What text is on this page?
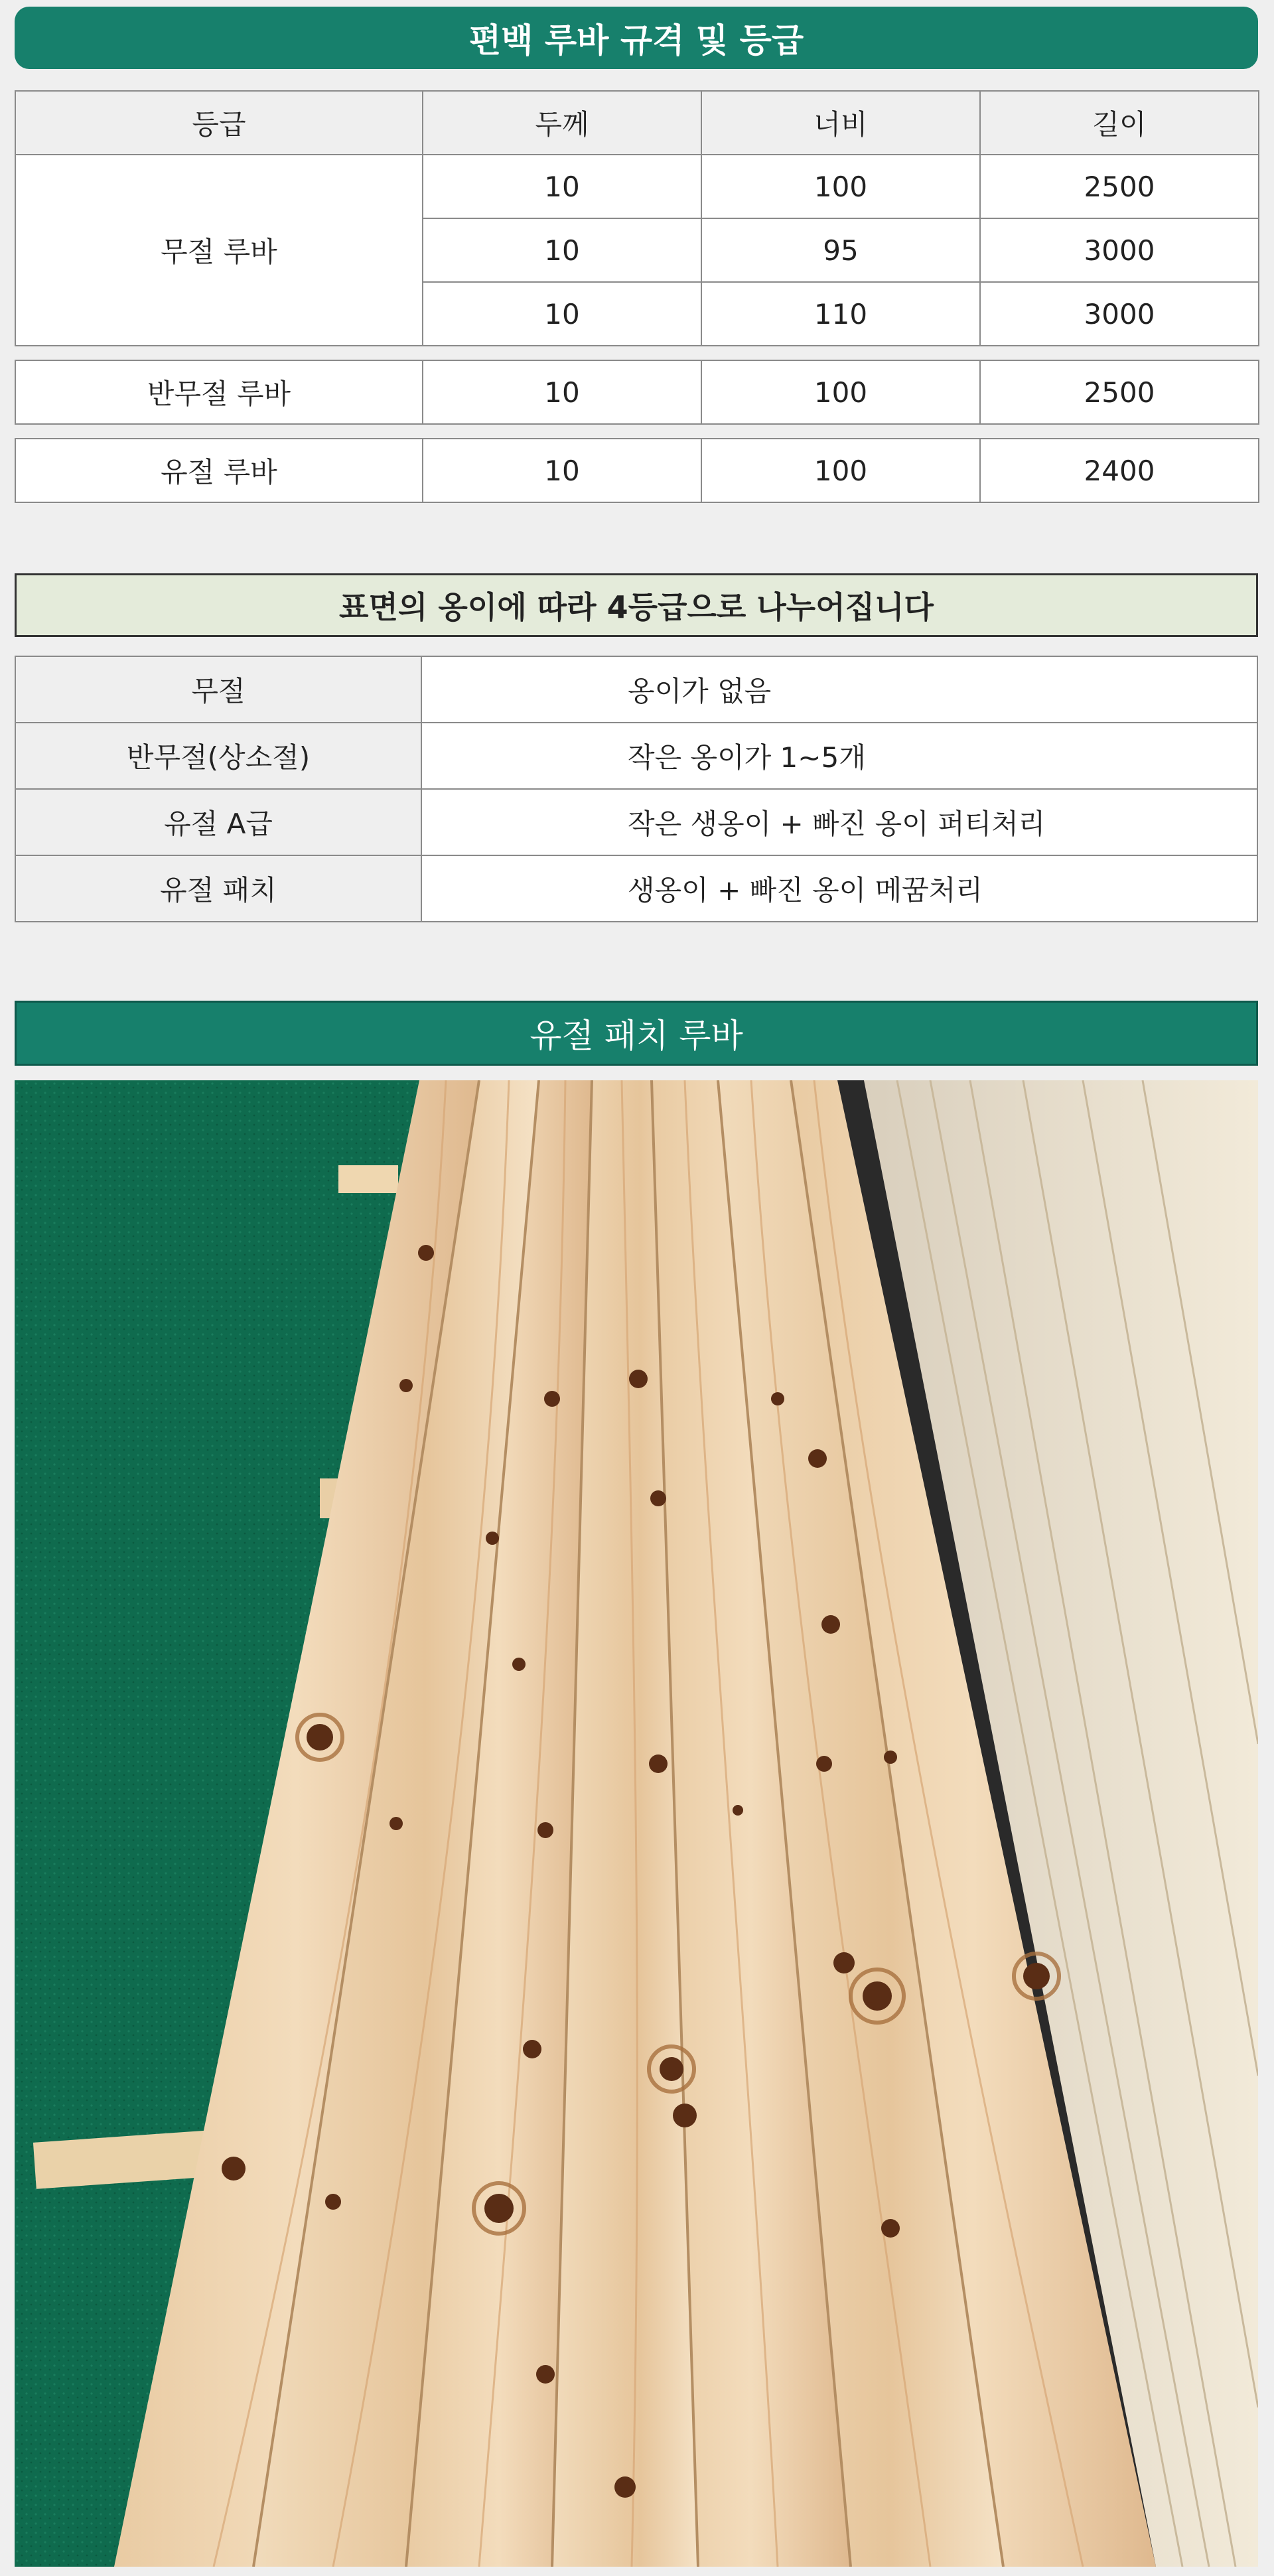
편백 루바 규격 및 등급
등급	두께	너비	길이
무절 루바	10	100	2500
	10	95	3000
	10	110	3000
반무절 루바	10	100	2500
유절 루바	10	100	2400
표면의 옹이에 따라 4등급으로 나누어집니다
무절	옹이가 없음
반무절(상소절)	작은 옹이가 1~5개
유절 A급	작은 생옹이 + 빠진 옹이 퍼티처리
유절 패치	생옹이 + 빠진 옹이 메꿈처리
유절 패치 루바
